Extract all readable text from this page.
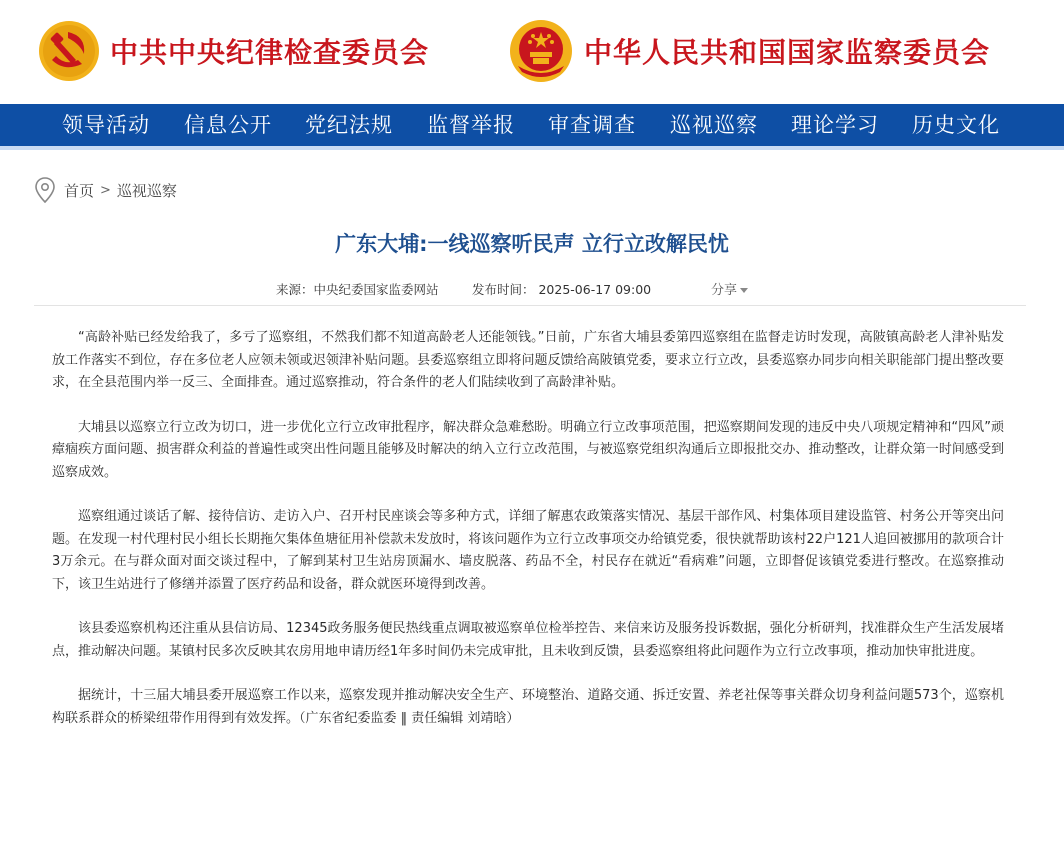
中共中央纪律检查委员会	中华人民共和国国家监察委员会
领导活动 信息公开 党纪法规 监督举报 审查调查 巡视巡察 理论学习 历史文化
首页 > 巡视巡察
广东大埔:一线巡察听民声 立行立改解民忧
来源：中央纪委国家监委网站	发布时间： 2025-06-17 09:00	分享

“高龄补贴已经发给我了，多亏了巡察组，不然我们都不知道高龄老人还能领钱。”日前，广东省大埔县委第四巡察组在监督走访时发现，高陂镇高龄老人津补贴发放工作落实不到位，存在多位老人应领未领或迟领津补贴问题。县委巡察组立即将问题反馈给高陂镇党委，要求立行立改，县委巡察办同步向相关职能部门提出整改要求，在全县范围内举一反三、全面排查。通过巡察推动，符合条件的老人们陆续收到了高龄津补贴。

大埔县以巡察立行立改为切口，进一步优化立行立改审批程序，解决群众急难愁盼。明确立行立改事项范围，把巡察期间发现的违反中央八项规定精神和“四风”顽瘴痼疾方面问题、损害群众利益的普遍性或突出性问题且能够及时解决的纳入立行立改范围，与被巡察党组织沟通后立即报批交办、推动整改，让群众第一时间感受到巡察成效。

巡察组通过谈话了解、接待信访、走访入户、召开村民座谈会等多种方式，详细了解惠农政策落实情况、基层干部作风、村集体项目建设监管、村务公开等突出问题。在发现一村代理村民小组长长期拖欠集体鱼塘征用补偿款未发放时，将该问题作为立行立改事项交办给镇党委，很快就帮助该村22户121人追回被挪用的款项合计3万余元。在与群众面对面交谈过程中，了解到某村卫生站房顶漏水、墙皮脱落、药品不全，村民存在就近“看病难”问题，立即督促该镇党委进行整改。在巡察推动下，该卫生站进行了修缮并添置了医疗药品和设备，群众就医环境得到改善。

该县委巡察机构还注重从县信访局、12345政务服务便民热线重点调取被巡察单位检举控告、来信来访及服务投诉数据，强化分析研判，找准群众生产生活发展堵点，推动解决问题。某镇村民多次反映其农房用地申请历经1年多时间仍未完成审批，且未收到反馈，县委巡察组将此问题作为立行立改事项，推动加快审批进度。

据统计，十三届大埔县委开展巡察工作以来，巡察发现并推动解决安全生产、环境整治、道路交通、拆迁安置、养老社保等事关群众切身利益问题573个，巡察机构联系群众的桥梁纽带作用得到有效发挥。（广东省纪委监委 ‖ 责任编辑 刘靖晗）
